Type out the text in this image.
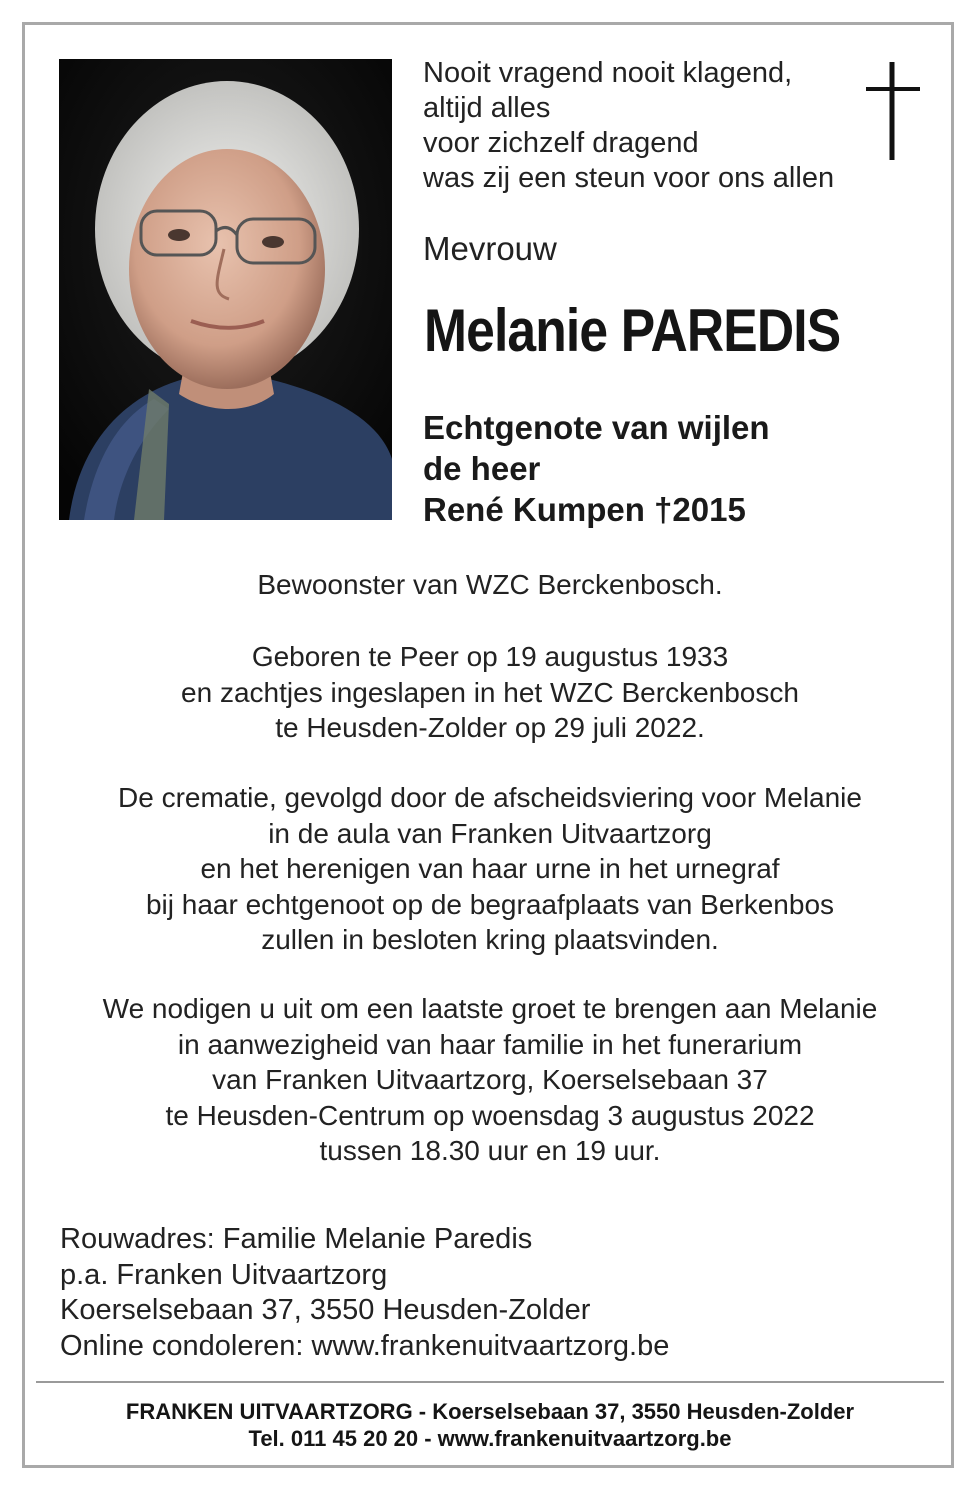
Nooit vragend nooit klagend,
altijd alles
voor zichzelf dragend
was zij een steun voor ons allen
Mevrouw
Melanie PAREDIS
Echtgenote van wijlen
de heer
René Kumpen †2015
Bewoonster van WZC Berckenbosch.
Geboren te Peer op 19 augustus 1933
en zachtjes ingeslapen in het WZC Berckenbosch
te Heusden-Zolder op 29 juli 2022.
De crematie, gevolgd door de afscheidsviering voor Melanie
in de aula van Franken Uitvaartzorg
en het herenigen van haar urne in het urnegraf
bij haar echtgenoot op de begraafplaats van Berkenbos
zullen in besloten kring plaatsvinden.
We nodigen u uit om een laatste groet te brengen aan Melanie
in aanwezigheid van haar familie in het funerarium
van Franken Uitvaartzorg, Koerselsebaan 37
te Heusden-Centrum op woensdag 3 augustus 2022
tussen 18.30 uur en 19 uur.
Rouwadres: Familie Melanie Paredis
p.a. Franken Uitvaartzorg
Koerselsebaan 37, 3550 Heusden-Zolder
Online condoleren: www.frankenuitvaartzorg.be
FRANKEN UITVAARTZORG - Koerselsebaan 37, 3550 Heusden-Zolder
Tel. 011 45 20 20 - www.frankenuitvaartzorg.be
